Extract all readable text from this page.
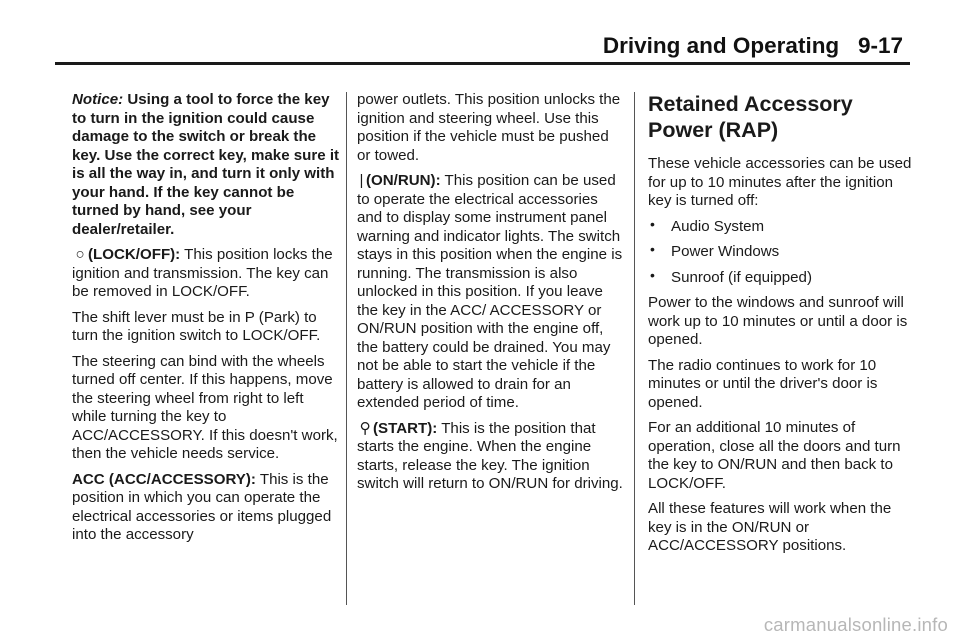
Driving and Operating 9-17

Notice: Using a tool to force the key to turn in the ignition could cause damage to the switch or break the key. Use the correct key, make sure it is all the way in, and turn it only with your hand. If the key cannot be turned by hand, see your dealer/retailer.

○ (LOCK/OFF): This position locks the ignition and transmission. The key can be removed in LOCK/OFF.

The shift lever must be in P (Park) to turn the ignition switch to LOCK/OFF.

The steering can bind with the wheels turned off center. If this happens, move the steering wheel from right to left while turning the key to ACC/ACCESSORY. If this doesn't work, then the vehicle needs service.

ACC (ACC/ACCESSORY): This is the position in which you can operate the electrical accessories or items plugged into the accessory

power outlets. This position unlocks the ignition and steering wheel. Use this position if the vehicle must be pushed or towed.

| (ON/RUN): This position can be used to operate the electrical accessories and to display some instrument panel warning and indicator lights. The switch stays in this position when the engine is running. The transmission is also unlocked in this position. If you leave the key in the ACC/ ACCESSORY or ON/RUN position with the engine off, the battery could be drained. You may not be able to start the vehicle if the battery is allowed to drain for an extended period of time.

⚲ (START): This is the position that starts the engine. When the engine starts, release the key. The ignition switch will return to ON/RUN for driving.

Retained Accessory
Power (RAP)

These vehicle accessories can be used for up to 10 minutes after the ignition key is turned off:

• Audio System
• Power Windows
• Sunroof (if equipped)

Power to the windows and sunroof will work up to 10 minutes or until a door is opened.

The radio continues to work for 10 minutes or until the driver's door is opened.

For an additional 10 minutes of operation, close all the doors and turn the key to ON/RUN and then back to LOCK/OFF.

All these features will work when the key is in the ON/RUN or ACC/ACCESSORY positions.

carmanualsonline.info
